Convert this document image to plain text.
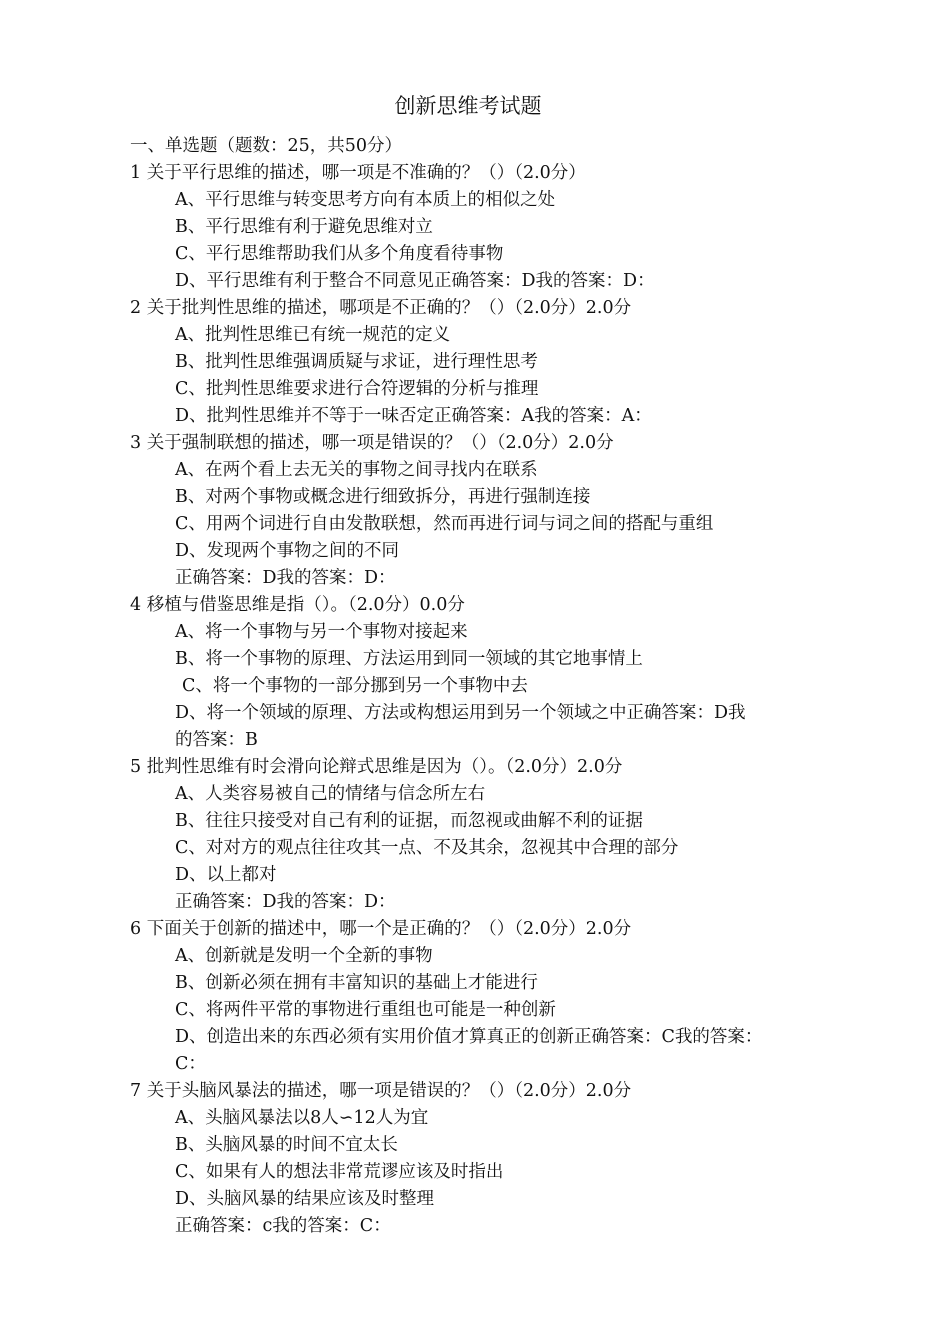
创新思维考试题
一、单选题（题数：25，共50分）
1 关于平行思维的描述，哪一项是不准确的？（）（2.0分）
A、平行思维与转变思考方向有本质上的相似之处
B、平行思维有利于避免思维对立
C、平行思维帮助我们从多个角度看待事物
D、平行思维有利于整合不同意见正确答案：D我的答案：D：
2 关于批判性思维的描述，哪项是不正确的？（）（2.0分）2.0分
A、批判性思维已有统一规范的定义
B、批判性思维强调质疑与求证，进行理性思考
C、批判性思维要求进行合符逻辑的分析与推理
D、批判性思维并不等于一味否定正确答案：A我的答案：A：
3 关于强制联想的描述，哪一项是错误的？（）（2.0分）2.0分
A、在两个看上去无关的事物之间寻找内在联系
B、对两个事物或概念进行细致拆分，再进行强制连接
C、用两个词进行自由发散联想，然而再进行词与词之间的搭配与重组
D、发现两个事物之间的不同
正确答案：D我的答案：D：
4 移植与借鉴思维是指（）。（2.0分）0.0分
A、将一个事物与另一个事物对接起来
B、将一个事物的原理、方法运用到同一领域的其它地事情上
C、将一个事物的一部分挪到另一个事物中去
D、将一个领域的原理、方法或构想运用到另一个领域之中正确答案：D我
的答案：B
5 批判性思维有时会滑向论辩式思维是因为（）。（2.0分）2.0分
A、人类容易被自己的情绪与信念所左右
B、往往只接受对自己有利的证据，而忽视或曲解不利的证据
C、对对方的观点往往攻其一点、不及其余，忽视其中合理的部分
D、以上都对
正确答案：D我的答案：D：
6 下面关于创新的描述中，哪一个是正确的？（）（2.0分）2.0分
A、创新就是发明一个全新的事物
B、创新必须在拥有丰富知识的基础上才能进行
C、将两件平常的事物进行重组也可能是一种创新
D、创造出来的东西必须有实用价值才算真正的创新正确答案：C我的答案：
C：
7 关于头脑风暴法的描述，哪一项是错误的？（）（2.0分）2.0分
A、头脑风暴法以8人∽12人为宜
B、头脑风暴的时间不宜太长
C、如果有人的想法非常荒谬应该及时指出
D、头脑风暴的结果应该及时整理
正确答案：c我的答案：C：
